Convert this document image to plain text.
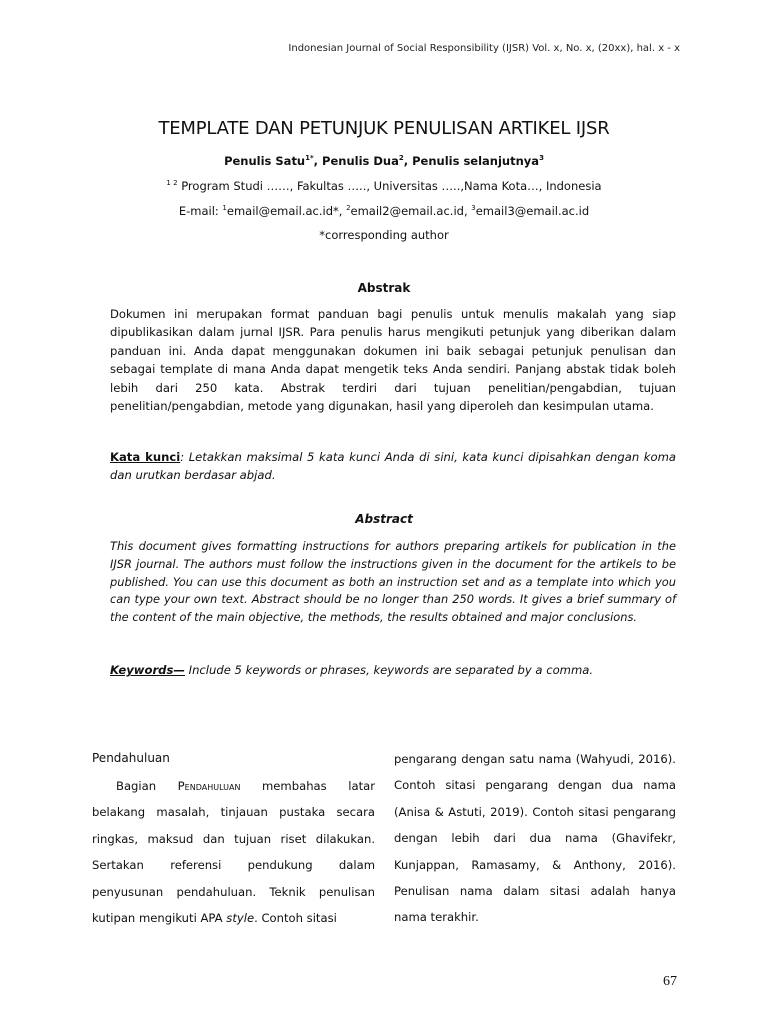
Indonesian Journal of Social Responsibility (IJSR) Vol. x, No. x, (20xx), hal. x - x
TEMPLATE DAN PETUNJUK PENULISAN ARTIKEL IJSR
Penulis Satu$^{1*}$, Penulis Dua$^2$, Penulis selanjutnya$^3$
$^{1 2}$ Program Studi ……, Fakultas ….., Universitas …..,Nama Kota…, Indonesia
E-mail: $^1$email@email.ac.id*, $^2$email2@email.ac.id, $^3$email3@email.ac.id
*corresponding author
Abstrak
Dokumen ini merupakan format panduan bagi penulis untuk menulis makalah yang siap dipublikasikan dalam jurnal IJSR. Para penulis harus mengikuti petunjuk yang diberikan dalam panduan ini. Anda dapat menggunakan dokumen ini baik sebagai petunjuk penulisan dan sebagai template di mana Anda dapat mengetik teks Anda sendiri. Panjang abstak tidak boleh lebih dari 250 kata. Abstrak terdiri dari tujuan penelitian/pengabdian, tujuan penelitian/pengabdian, metode yang digunakan, hasil yang diperoleh dan kesimpulan utama.
Kata kunci: Letakkan maksimal 5 kata kunci Anda di sini, kata kunci dipisahkan dengan koma dan urutkan berdasar abjad.
Abstract
This document gives formatting instructions for authors preparing artikels for publication in the IJSR journal. The authors must follow the instructions given in the document for the artikels to be published. You can use this document as both an instruction set and as a template into which you can type your own text. Abstract should be no longer than 250 words. It gives a brief summary of the content of the main objective, the methods, the results obtained and major conclusions.
Keywords— Include 5 keywords or phrases, keywords are separated by a comma.
Pendahuluan
Bagian Pendahuluan membahas latar belakang masalah, tinjauan pustaka secara ringkas, maksud dan tujuan riset dilakukan. Sertakan referensi pendukung dalam penyusunan pendahuluan. Teknik penulisan kutipan mengikuti APA style. Contoh sitasi
pengarang dengan satu nama (Wahyudi, 2016). Contoh sitasi pengarang dengan dua nama (Anisa & Astuti, 2019). Contoh sitasi pengarang dengan lebih dari dua nama (Ghavifekr, Kunjappan, Ramasamy, & Anthony, 2016). Penulisan nama dalam sitasi adalah hanya nama terakhir.
67
